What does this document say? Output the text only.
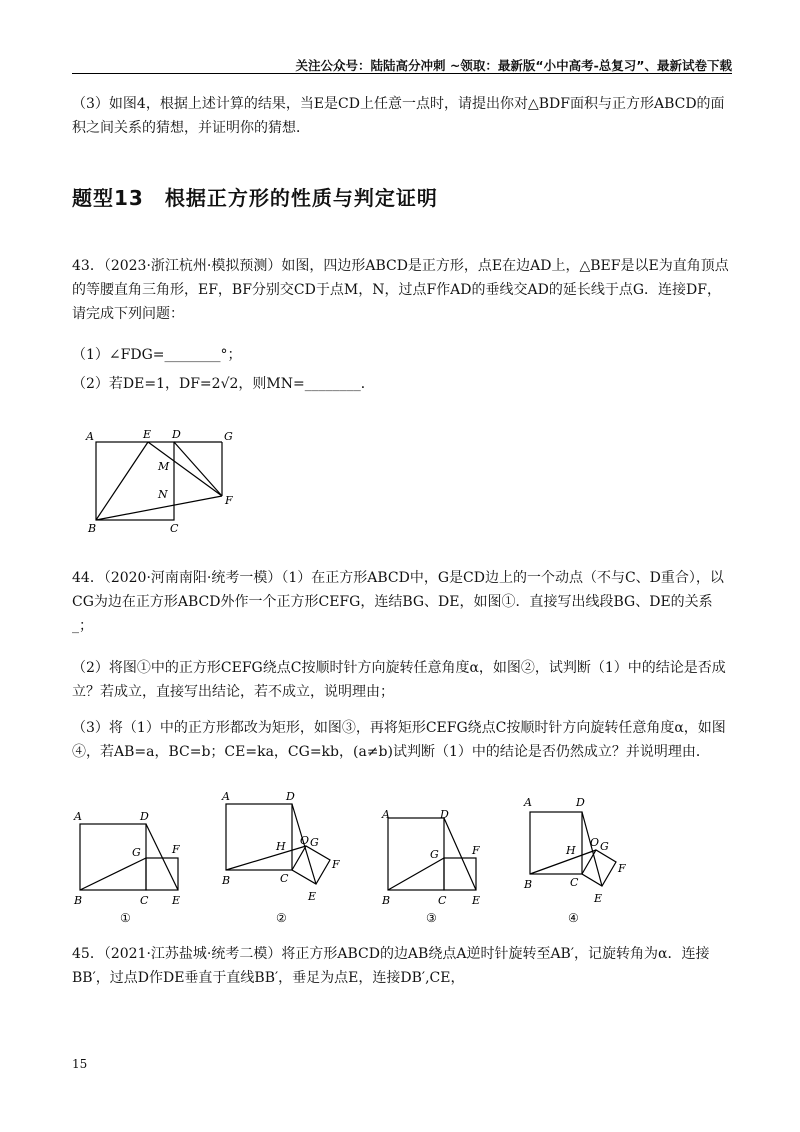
关注公众号：陆陆高分冲刺 ~领取：最新版“小中高考-总复习”、最新试卷下载

（3）如图4，根据上述计算的结果，当E是CD上任意一点时，请提出你对△BDF面积与正方形ABCD的面积之间关系的猜想，并证明你的猜想．

题型13　根据正方形的性质与判定证明

43．（2023·浙江杭州·模拟预测）如图，四边形ABCD是正方形，点E在边AD上，△BEF是以E为直角顶点的等腰直角三角形，EF，BF分别交CD于点M，N，过点F作AD的垂线交AD的延长线于点G．连接DF，请完成下列问题：

（1）∠FDG=________°；

（2）若DE=1，DF=2√2，则MN=________．

A	E D	G
M
N	F
B	C

44．（2020·河南南阳·统考一模）（1）在正方形ABCD中，G是CD边上的一个动点（不与C、D重合），以CG为边在正方形ABCD外作一个正方形CEFG，连结BG、DE，如图①．直接写出线段BG、DE的关系_；

（2）将图①中的正方形CEFG绕点C按顺时针方向旋转任意角度α，如图②，试判断（1）中的结论是否成立？若成立，直接写出结论，若不成立，说明理由；

（3）将（1）中的正方形都改为矩形，如图③，再将矩形CEFG绕点C按顺时针方向旋转任意角度α，如图④，若AB=a，BC=b；CE=ka，CG=kb，(a≠b)试判断（1）中的结论是否仍然成立？并说明理由．

A	D
G	F
B	C E
①
A	D
H O G
F
B	C
E
②
A	D
G	F
B	C E
③
A	D
H
O G
F
B	C
E
④

45．（2021·江苏盐城·统考二模）将正方形ABCD的边AB绕点A逆时针旋转至AB′，记旋转角为α．连接BB′，过点D作DE垂直于直线BB′，垂足为点E，连接DB′,CE，

15
